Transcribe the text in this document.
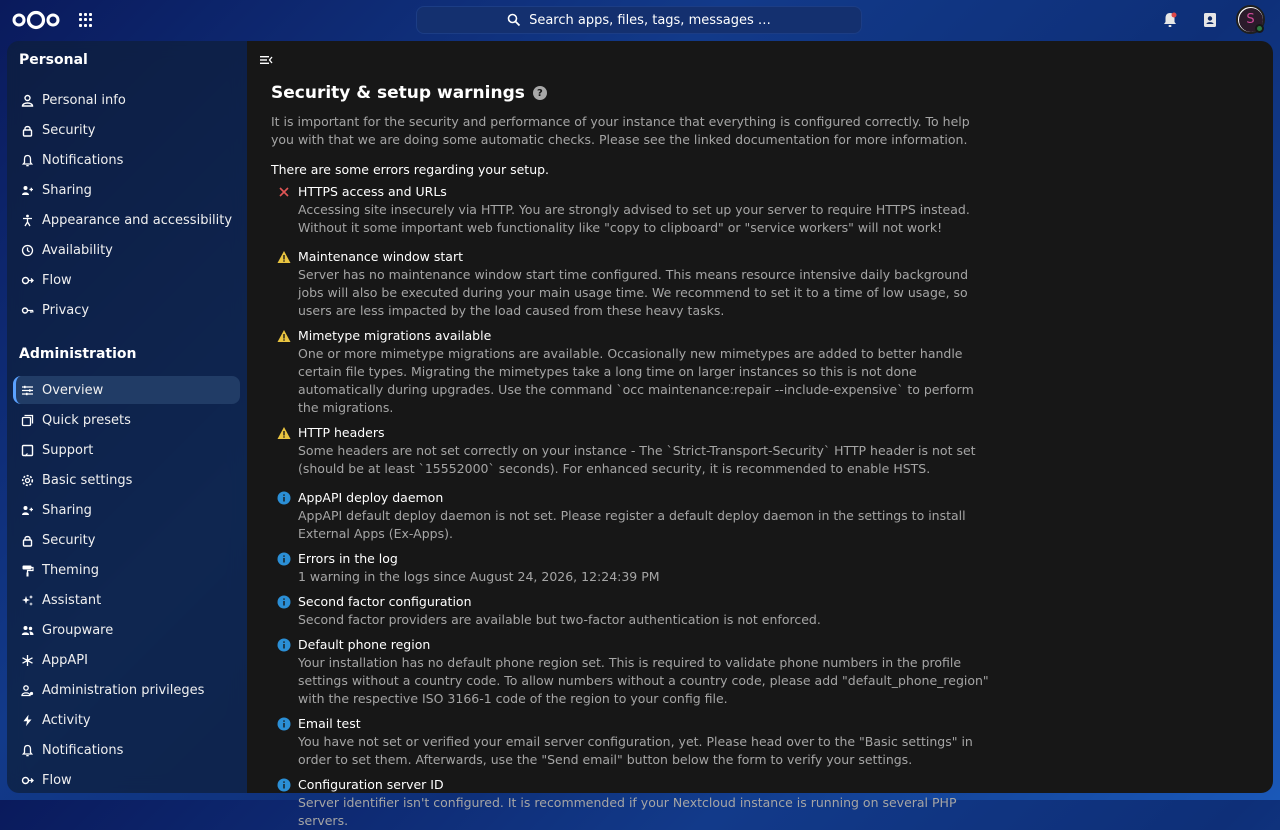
Search apps, files, tags, messages …	S
Personal
Personal info
Security
Notifications
Sharing
Appearance and accessibility
Availability
Flow
Privacy
Administration
Overview
Quick presets
Support
Basic settings
Sharing
Security
Theming
Assistant
Groupware
AppAPI
Administration privileges
Activity
Notifications
Flow
Security & setup warnings	?
It is important for the security and performance of your instance that everything is configured correctly. To help you with that we are doing some automatic checks. Please see the linked documentation for more information.
There are some errors regarding your setup.
HTTPS access and URLs
Accessing site insecurely via HTTP. You are strongly advised to set up your server to require HTTPS instead. Without it some important web functionality like "copy to clipboard" or "service workers" will not work!
Maintenance window start
Server has no maintenance window start time configured. This means resource intensive daily background jobs will also be executed during your main usage time. We recommend to set it to a time of low usage, so users are less impacted by the load caused from these heavy tasks.
Mimetype migrations available
One or more mimetype migrations are available. Occasionally new mimetypes are added to better handle certain file types. Migrating the mimetypes take a long time on larger instances so this is not done automatically during upgrades. Use the command `occ maintenance:repair --include-expensive` to perform the migrations.
HTTP headers
Some headers are not set correctly on your instance - The `Strict-Transport-Security` HTTP header is not set (should be at least `15552000` seconds). For enhanced security, it is recommended to enable HSTS.
AppAPI deploy daemon
AppAPI default deploy daemon is not set. Please register a default deploy daemon in the settings to install External Apps (Ex-Apps).
Errors in the log
1 warning in the logs since August 24, 2026, 12:24:39 PM
Second factor configuration
Second factor providers are available but two-factor authentication is not enforced.
Default phone region
Your installation has no default phone region set. This is required to validate phone numbers in the profile settings without a country code. To allow numbers without a country code, please add "default_phone_region" with the respective ISO 3166-1 code of the region to your config file.
Email test
You have not set or verified your email server configuration, yet. Please head over to the "Basic settings" in order to set them. Afterwards, use the "Send email" button below the form to verify your settings.
Configuration server ID
Server identifier isn't configured. It is recommended if your Nextcloud instance is running on several PHP servers.
